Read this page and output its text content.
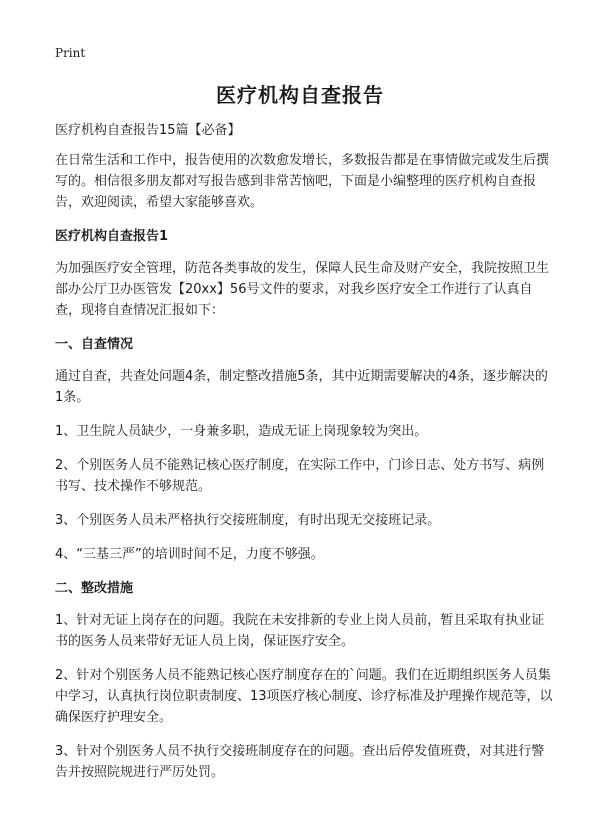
Print
医疗机构自查报告

医疗机构自查报告15篇【必备】

在日常生活和工作中，报告使用的次数愈发增长，多数报告都是在事情做完或发生后撰写的。相信很多朋友都对写报告感到非常苦恼吧，下面是小编整理的医疗机构自查报告，欢迎阅读，希望大家能够喜欢。

医疗机构自查报告1

为加强医疗安全管理，防范各类事故的发生，保障人民生命及财产安全，我院按照卫生部办公厅卫办医管发【20xx】56号文件的要求，对我乡医疗安全工作进行了认真自查，现将自查情况汇报如下：

一、自查情况

通过自查，共查处问题4条，制定整改措施5条，其中近期需要解决的4条，逐步解决的1条。

1、卫生院人员缺少，一身兼多职，造成无证上岗现象较为突出。

2、个别医务人员不能熟记核心医疗制度，在实际工作中，门诊日志、处方书写、病例书写、技术操作不够规范。

3、个别医务人员未严格执行交接班制度，有时出现无交接班记录。

4、“三基三严”的培训时间不足，力度不够强。

二、整改措施

1、针对无证上岗存在的问题。我院在未安排新的专业上岗人员前，暂且采取有执业证书的医务人员来带好无证人员上岗，保证医疗安全。

2、针对个别医务人员不能熟记核心医疗制度存在的`问题。我们在近期组织医务人员集中学习，认真执行岗位职责制度、13项医疗核心制度、诊疗标准及护理操作规范等，以确保医疗护理安全。

3、针对个别医务人员不执行交接班制度存在的问题。查出后停发值班费，对其进行警告并按照院规进行严厉处罚。
